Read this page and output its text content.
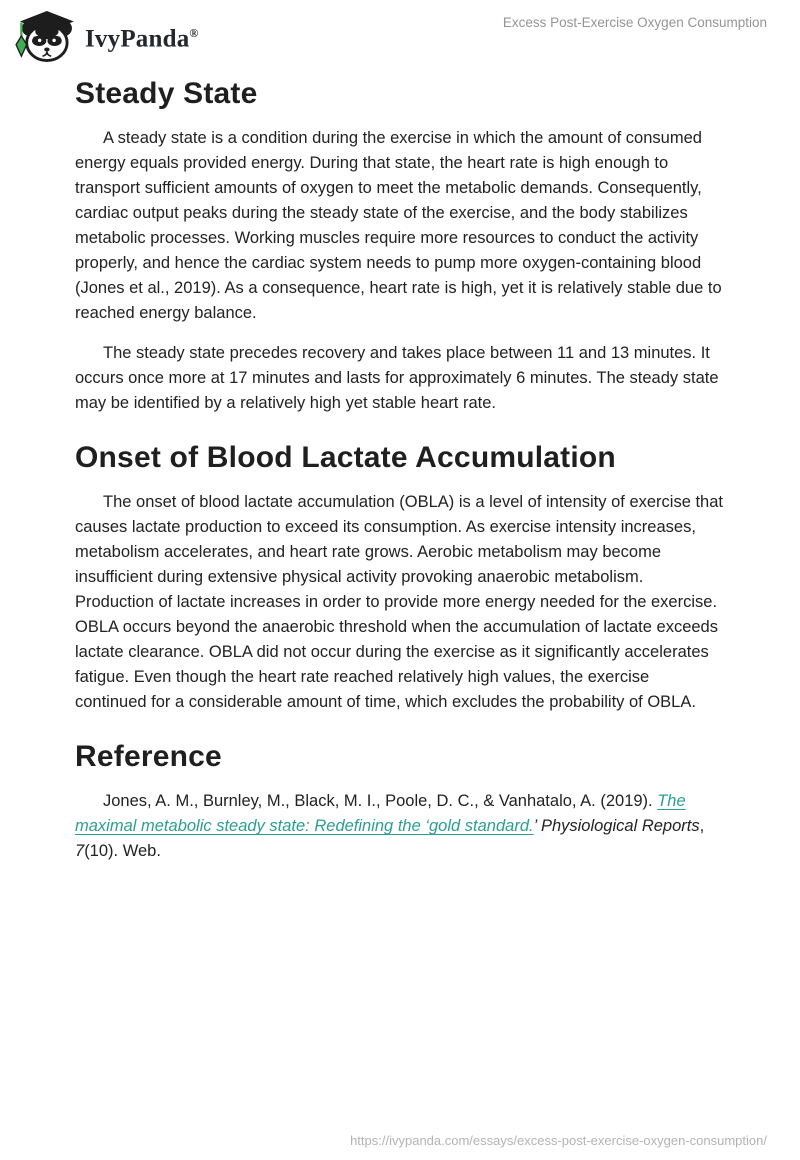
IvyPanda®
Excess Post-Exercise Oxygen Consumption
Steady State

A steady state is a condition during the exercise in which the amount of consumed energy equals provided energy. During that state, the heart rate is high enough to transport sufficient amounts of oxygen to meet the metabolic demands. Consequently, cardiac output peaks during the steady state of the exercise, and the body stabilizes metabolic processes. Working muscles require more resources to conduct the activity properly, and hence the cardiac system needs to pump more oxygen-containing blood (Jones et al., 2019). As a consequence, heart rate is high, yet it is relatively stable due to reached energy balance.

The steady state precedes recovery and takes place between 11 and 13 minutes. It occurs once more at 17 minutes and lasts for approximately 6 minutes. The steady state may be identified by a relatively high yet stable heart rate.

Onset of Blood Lactate Accumulation

The onset of blood lactate accumulation (OBLA) is a level of intensity of exercise that causes lactate production to exceed its consumption. As exercise intensity increases, metabolism accelerates, and heart rate grows. Aerobic metabolism may become insufficient during extensive physical activity provoking anaerobic metabolism. Production of lactate increases in order to provide more energy needed for the exercise. OBLA occurs beyond the anaerobic threshold when the accumulation of lactate exceeds lactate clearance. OBLA did not occur during the exercise as it significantly accelerates fatigue. Even though the heart rate reached relatively high values, the exercise continued for a considerable amount of time, which excludes the probability of OBLA.

Reference

Jones, A. M., Burnley, M., Black, M. I., Poole, D. C., & Vanhatalo, A. (2019). The maximal metabolic steady state: Redefining the ‘gold standard.’ Physiological Reports, 7(10). Web.

https://ivypanda.com/essays/excess-post-exercise-oxygen-consumption/
